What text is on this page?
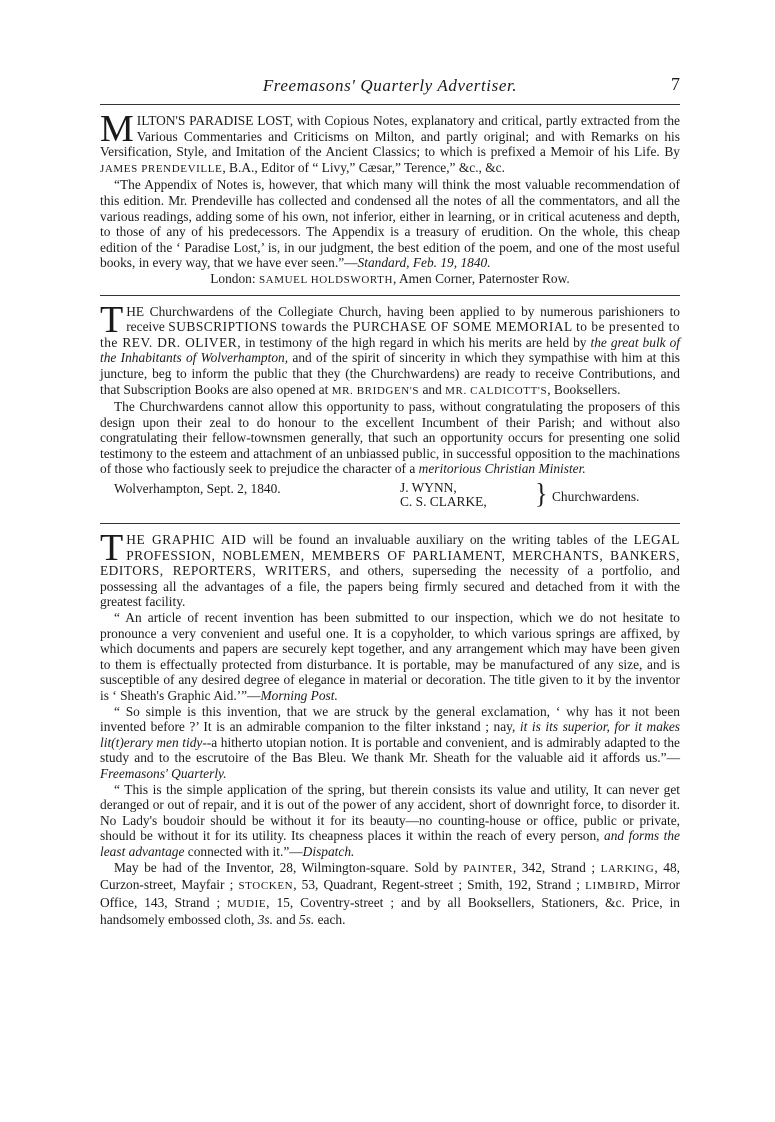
Freemasons' Quarterly Advertiser.	7

MILTON'S PARADISE LOST, with Copious Notes, explanatory and critical, partly extracted from the Various Commentaries and Criticisms on Milton, and partly original; and with Remarks on his Versification, Style, and Imitation of the Ancient Classics; to which is prefixed a Memoir of his Life. By JAMES PRENDEVILLE, B.A., Editor of “ Livy,” Cæsar,” Terence,” &c., &c.

“The Appendix of Notes is, however, that which many will think the most valuable recommendation of this edition. Mr. Prendeville has collected and condensed all the notes of all the commentators, and all the various readings, adding some of his own, not inferior, either in learning, or in critical acuteness and depth, to those of any of his predecessors. The Appendix is a treasury of erudition. On the whole, this cheap edition of the ‘ Paradise Lost,’ is, in our judgment, the best edition of the poem, and one of the most useful books, in every way, that we have ever seen.”—Standard, Feb. 19, 1840.

London: SAMUEL HOLDSWORTH, Amen Corner, Paternoster Row.

THE Churchwardens of the Collegiate Church, having been applied to by numerous parishioners to receive SUBSCRIPTIONS towards the PURCHASE OF SOME MEMORIAL to be presented to the REV. DR. OLIVER, in testimony of the high regard in which his merits are held by the great bulk of the Inhabitants of Wolverhampton, and of the spirit of sincerity in which they sympathise with him at this juncture, beg to inform the public that they (the Churchwardens) are ready to receive Contributions, and that Subscription Books are also opened at MR. BRIDGEN'S and MR. CALDICOTT'S, Booksellers.

The Churchwardens cannot allow this opportunity to pass, without congratulating the proposers of this design upon their zeal to do honour to the excellent Incumbent of their Parish; and without also congratulating their fellow-townsmen generally, that such an opportunity occurs for presenting one solid testimony to the esteem and attachment of an unbiassed public, in successful opposition to the machinations of those who factiously seek to prejudice the character of a meritorious Christian Minister.

Wolverhampton, Sept. 2, 1840.	J. WYNN,
C. S. CLARKE, } Churchwardens.

THE GRAPHIC AID will be found an invaluable auxiliary on the writing tables of the LEGAL PROFESSION, NOBLEMEN, MEMBERS OF PARLIAMENT, MERCHANTS, BANKERS, EDITORS, REPORTERS, WRITERS, and others, superseding the necessity of a portfolio, and possessing all the advantages of a file, the papers being firmly secured and detached from it with the greatest facility.

“ An article of recent invention has been submitted to our inspection, which we do not hesitate to pronounce a very convenient and useful one. It is a copyholder, to which various springs are affixed, by which documents and papers are securely kept together, and any arrangement which may have been given to them is effectually protected from disturbance. It is portable, may be manufactured of any size, and is susceptible of any desired degree of elegance in material or decoration. The title given to it by the inventor is ‘ Sheath's Graphic Aid.’”—Morning Post.

“ So simple is this invention, that we are struck by the general exclamation, ‘ why has it not been invented before ?’ It is an admirable companion to the filter inkstand ; nay, it is its superior, for it makes lit(t)erary men tidy--a hitherto utopian notion. It is portable and convenient, and is admirably adapted to the study and to the escrutoire of the Bas Bleu. We thank Mr. Sheath for the valuable aid it affords us.”—Freemasons' Quarterly.

“ This is the simple application of the spring, but therein consists its value and utility, It can never get deranged or out of repair, and it is out of the power of any accident, short of downright force, to disorder it. No Lady's boudoir should be without it for its beauty—no counting-house or office, public or private, should be without it for its utility. Its cheapness places it within the reach of every person, and forms the least advantage connected with it.”—Dispatch.

May be had of the Inventor, 28, Wilmington-square. Sold by PAINTER, 342, Strand ; LARKING, 48, Curzon-street, Mayfair ; STOCKEN, 53, Quadrant, Regent-street ; Smith, 192, Strand ; LIMBIRD, Mirror Office, 143, Strand ; MUDIE, 15, Coventry-street ; and by all Booksellers, Stationers, &c. Price, in handsomely embossed cloth, 3s. and 5s. each.
